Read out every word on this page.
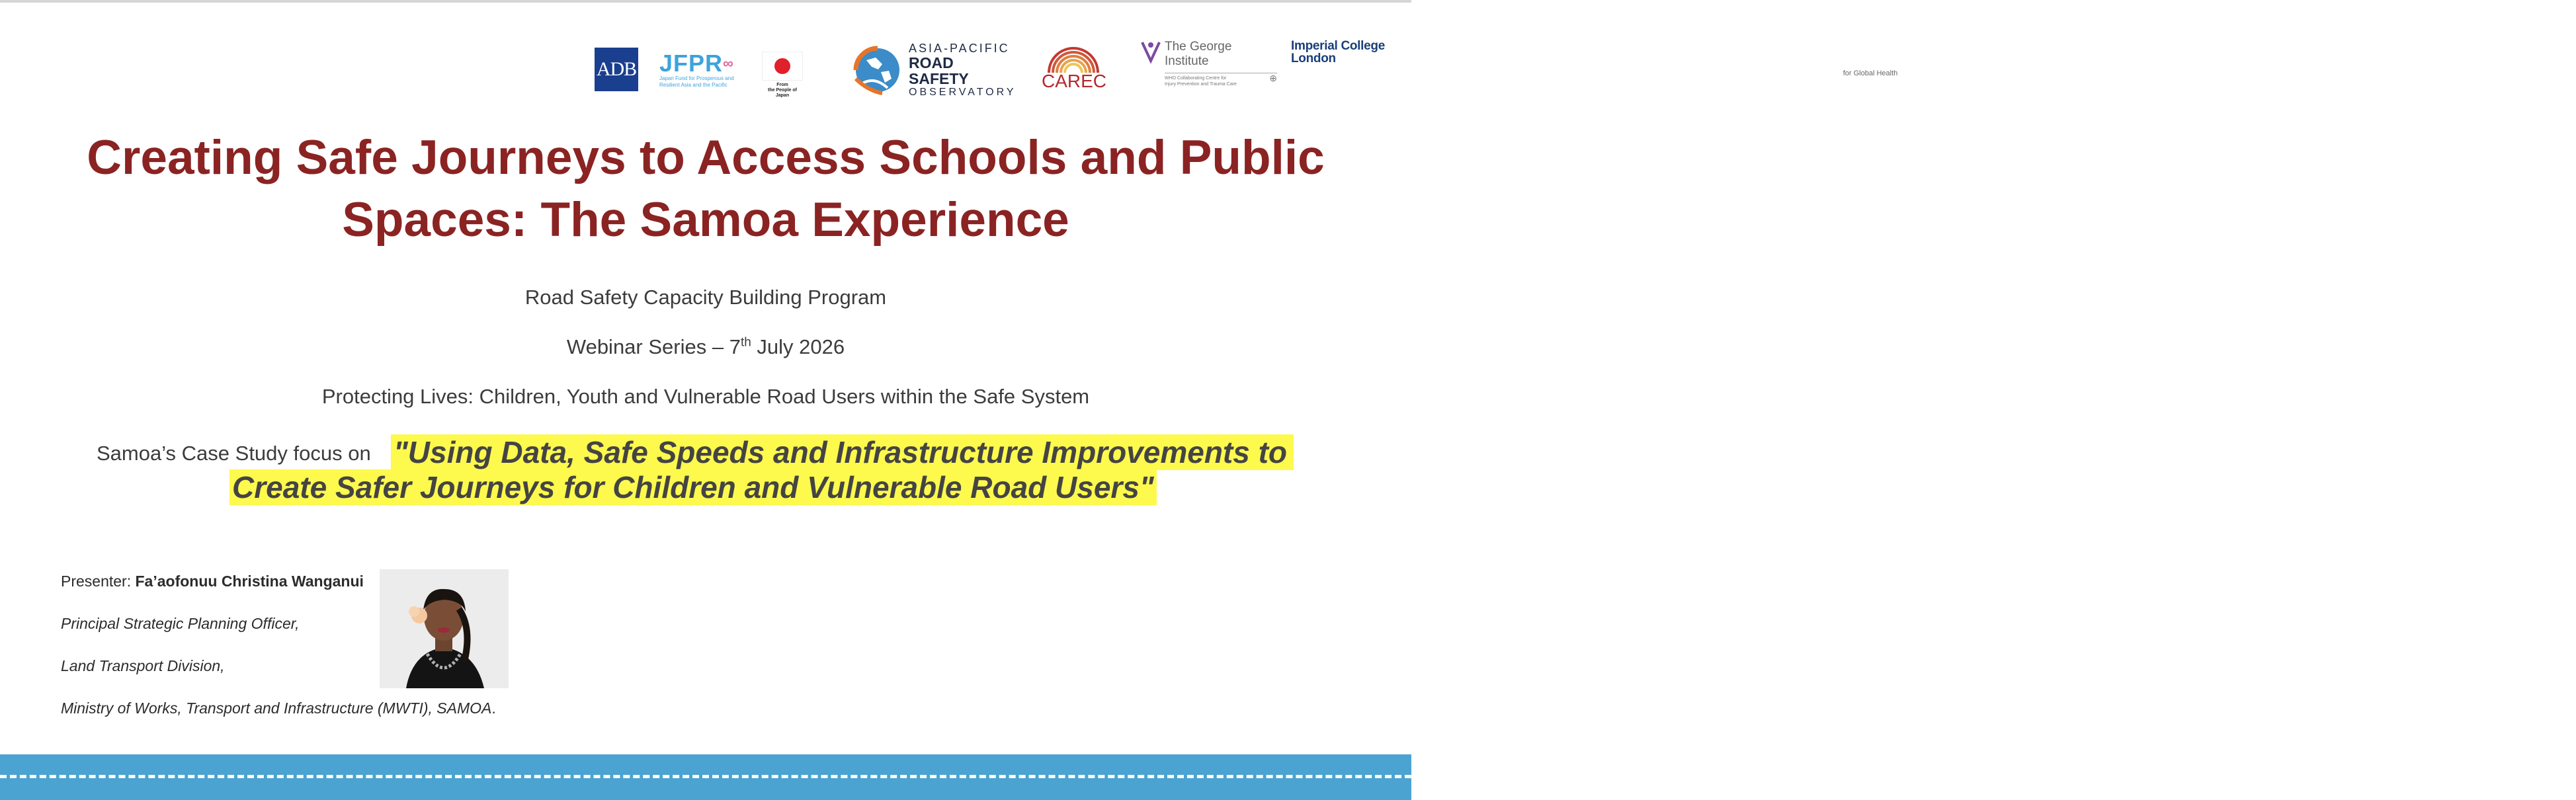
ADB JFPR∞
Japan Fund for Prosperous and Resilient Asia and the Pacific	From
the People of Japan
ASIA-PACIFIC
ROAD SAFETY
OBSERVATORY
CAREC
The George Institute
for Global Health
WHO Collaborating Centre for
Injury Prevention and Trauma Care
⊕
Imperial College
London
Creating Safe Journeys to Access Schools and Public
Spaces: The Samoa Experience
Road Safety Capacity Building Program
Webinar Series – 7th July 2026
Protecting Lives: Children, Youth and Vulnerable Road Users within the Safe System
Samoa’s Case Study focus on "Using Data, Safe Speeds and Infrastructure Improvements to
Create Safer Journeys for Children and Vulnerable Road Users"
Presenter: Fa’aofonuu Christina Wanganui
Principal Strategic Planning Officer,
Land Transport Division,
Ministry of Works, Transport and Infrastructure (MWTI), SAMOA.
